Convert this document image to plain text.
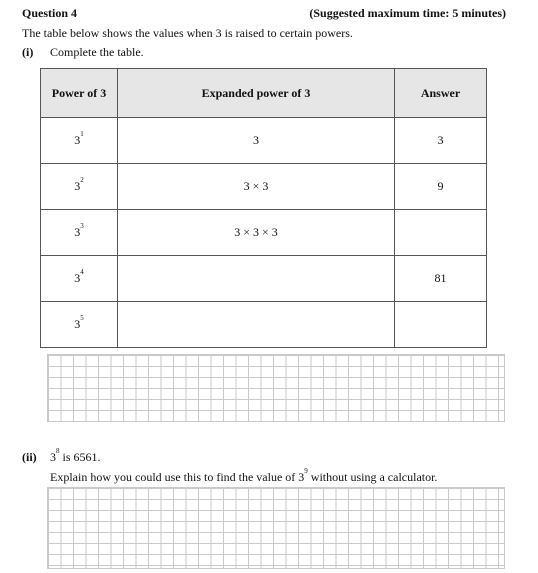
Question 4	(Suggested maximum time: 5 minutes)
The table below shows the values when 3 is raised to certain powers.
(i) Complete the table.
Power of 3	Expanded power of 3	Answer
$3^1$	3	3
$3^2$	3 × 3	9
$3^3$	3 × 3 × 3	
$3^4$		81
$3^5$		
(ii) $3^8$ is 6561.
Explain how you could use this to find the value of $3^9$ without using a calculator.
